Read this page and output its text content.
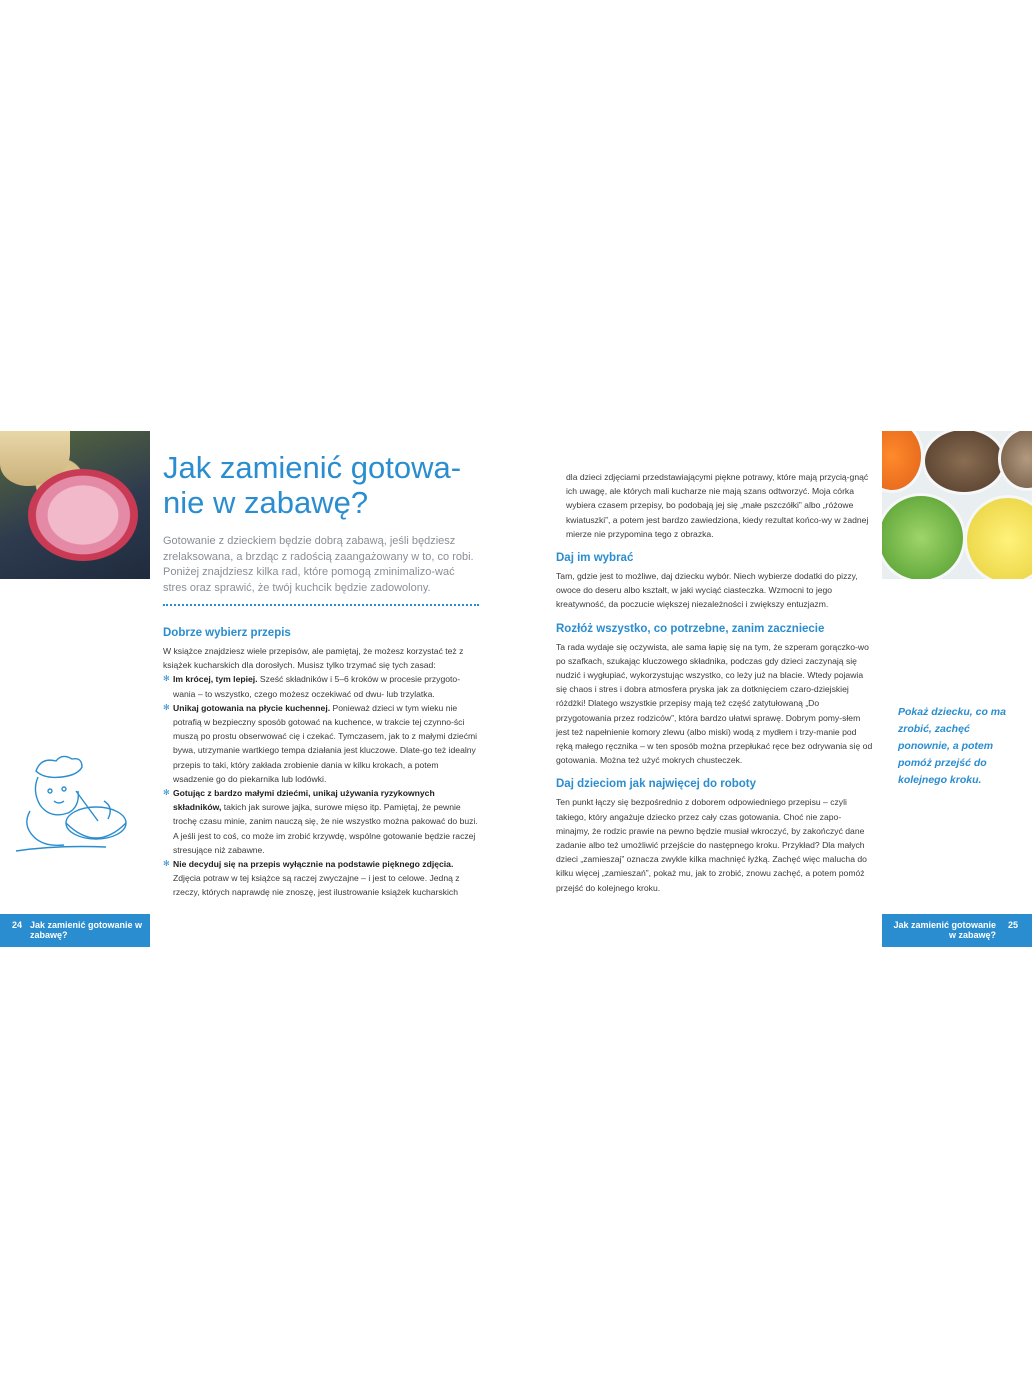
24 Jak zamienić gotowanie w zabawę?
Jak zamienić gotowa-
nie w zabawę?

Gotowanie z dzieckiem będzie dobrą zabawą, jeśli będziesz zrelaksowana, a brzdąc z radością zaangażowany w to, co robi. Poniżej znajdziesz kilka rad, które pomogą zminimalizo-wać stres oraz sprawić, że twój kuchcik będzie zadowolony.

Dobrze wybierz przepis

W książce znajdziesz wiele przepisów, ale pamiętaj, że możesz korzystać też z książek kucharskich dla dorosłych. Musisz tylko trzymać się tych zasad:

✻ Im krócej, tym lepiej. Sześć składników i 5–6 kroków w procesie przygoto-wania – to wszystko, czego możesz oczekiwać od dwu- lub trzylatka.
✻ Unikaj gotowania na płycie kuchennej. Ponieważ dzieci w tym wieku nie potrafią w bezpieczny sposób gotować na kuchence, w trakcie tej czynno-ści muszą po prostu obserwować cię i czekać. Tymczasem, jak to z małymi dziećmi bywa, utrzymanie wartkiego tempa działania jest kluczowe. Dlate-go też idealny przepis to taki, który zakłada zrobienie dania w kilku krokach, a potem wsadzenie go do piekarnika lub lodówki.
✻ Gotując z bardzo małymi dziećmi, unikaj używania ryzykownych składników, takich jak surowe jajka, surowe mięso itp. Pamiętaj, że pewnie trochę czasu minie, zanim nauczą się, że nie wszystko można pakować do buzi. A jeśli jest to coś, co może im zrobić krzywdę, wspólne gotowanie będzie raczej stresujące niż zabawne.
✻ Nie decyduj się na przepis wyłącznie na podstawie pięknego zdjęcia. Zdjęcia potraw w tej książce są raczej zwyczajne – i jest to celowe. Jedną z rzeczy, których naprawdę nie znoszę, jest ilustrowanie książek kucharskich

dla dzieci zdjęciami przedstawiającymi piękne potrawy, które mają przycią-gnąć ich uwagę, ale których mali kucharze nie mają szans odtworzyć. Moja córka wybiera czasem przepisy, bo podobają jej się „małe pszczółki” albo „różowe kwiatuszki”, a potem jest bardzo zawiedziona, kiedy rezultat końco-wy w żadnej mierze nie przypomina tego z obrazka.

Daj im wybrać

Tam, gdzie jest to możliwe, daj dziecku wybór. Niech wybierze dodatki do pizzy, owoce do deseru albo kształt, w jaki wyciąć ciasteczka. Wzmocni to jego kreatywność, da poczucie większej niezależności i zwiększy entuzjazm.

Rozłóż wszystko, co potrzebne, zanim zaczniecie

Ta rada wydaje się oczywista, ale sama łapię się na tym, że szperam gorączko-wo po szafkach, szukając kluczowego składnika, podczas gdy dzieci zaczynają się nudzić i wygłupiać, wykorzystując wszystko, co leży już na blacie. Wtedy pojawia się chaos i stres i dobra atmosfera pryska jak za dotknięciem czaro-dziejskiej różdżki! Dlatego wszystkie przepisy mają też część zatytułowaną „Do przygotowania przez rodziców”, która bardzo ułatwi sprawę. Dobrym pomy-słem jest też napełnienie komory zlewu (albo miski) wodą z mydłem i trzy-manie pod ręką małego ręcznika – w ten sposób można przepłukać ręce bez odrywania się od gotowania. Można też użyć mokrych chusteczek.

Daj dzieciom jak najwięcej do roboty

Ten punkt łączy się bezpośrednio z doborem odpowiedniego przepisu – czyli takiego, który angażuje dziecko przez cały czas gotowania. Choć nie zapo-minajmy, że rodzic prawie na pewno będzie musiał wkroczyć, by zakończyć dane zadanie albo też umożliwić przejście do następnego kroku. Przykład? Dla małych dzieci „zamieszaj” oznacza zwykle kilka machnięć łyżką. Zachęć więc malucha do kilku więcej „zamieszań”, pokaż mu, jak to zrobić, znowu zachęć, a potem pomóż przejść do kolejnego kroku.

Pokaż dziecku, co ma zrobić, zachęć ponownie, a potem pomóż przejść do kolejnego kroku.
Jak zamienić gotowanie w zabawę?
25
